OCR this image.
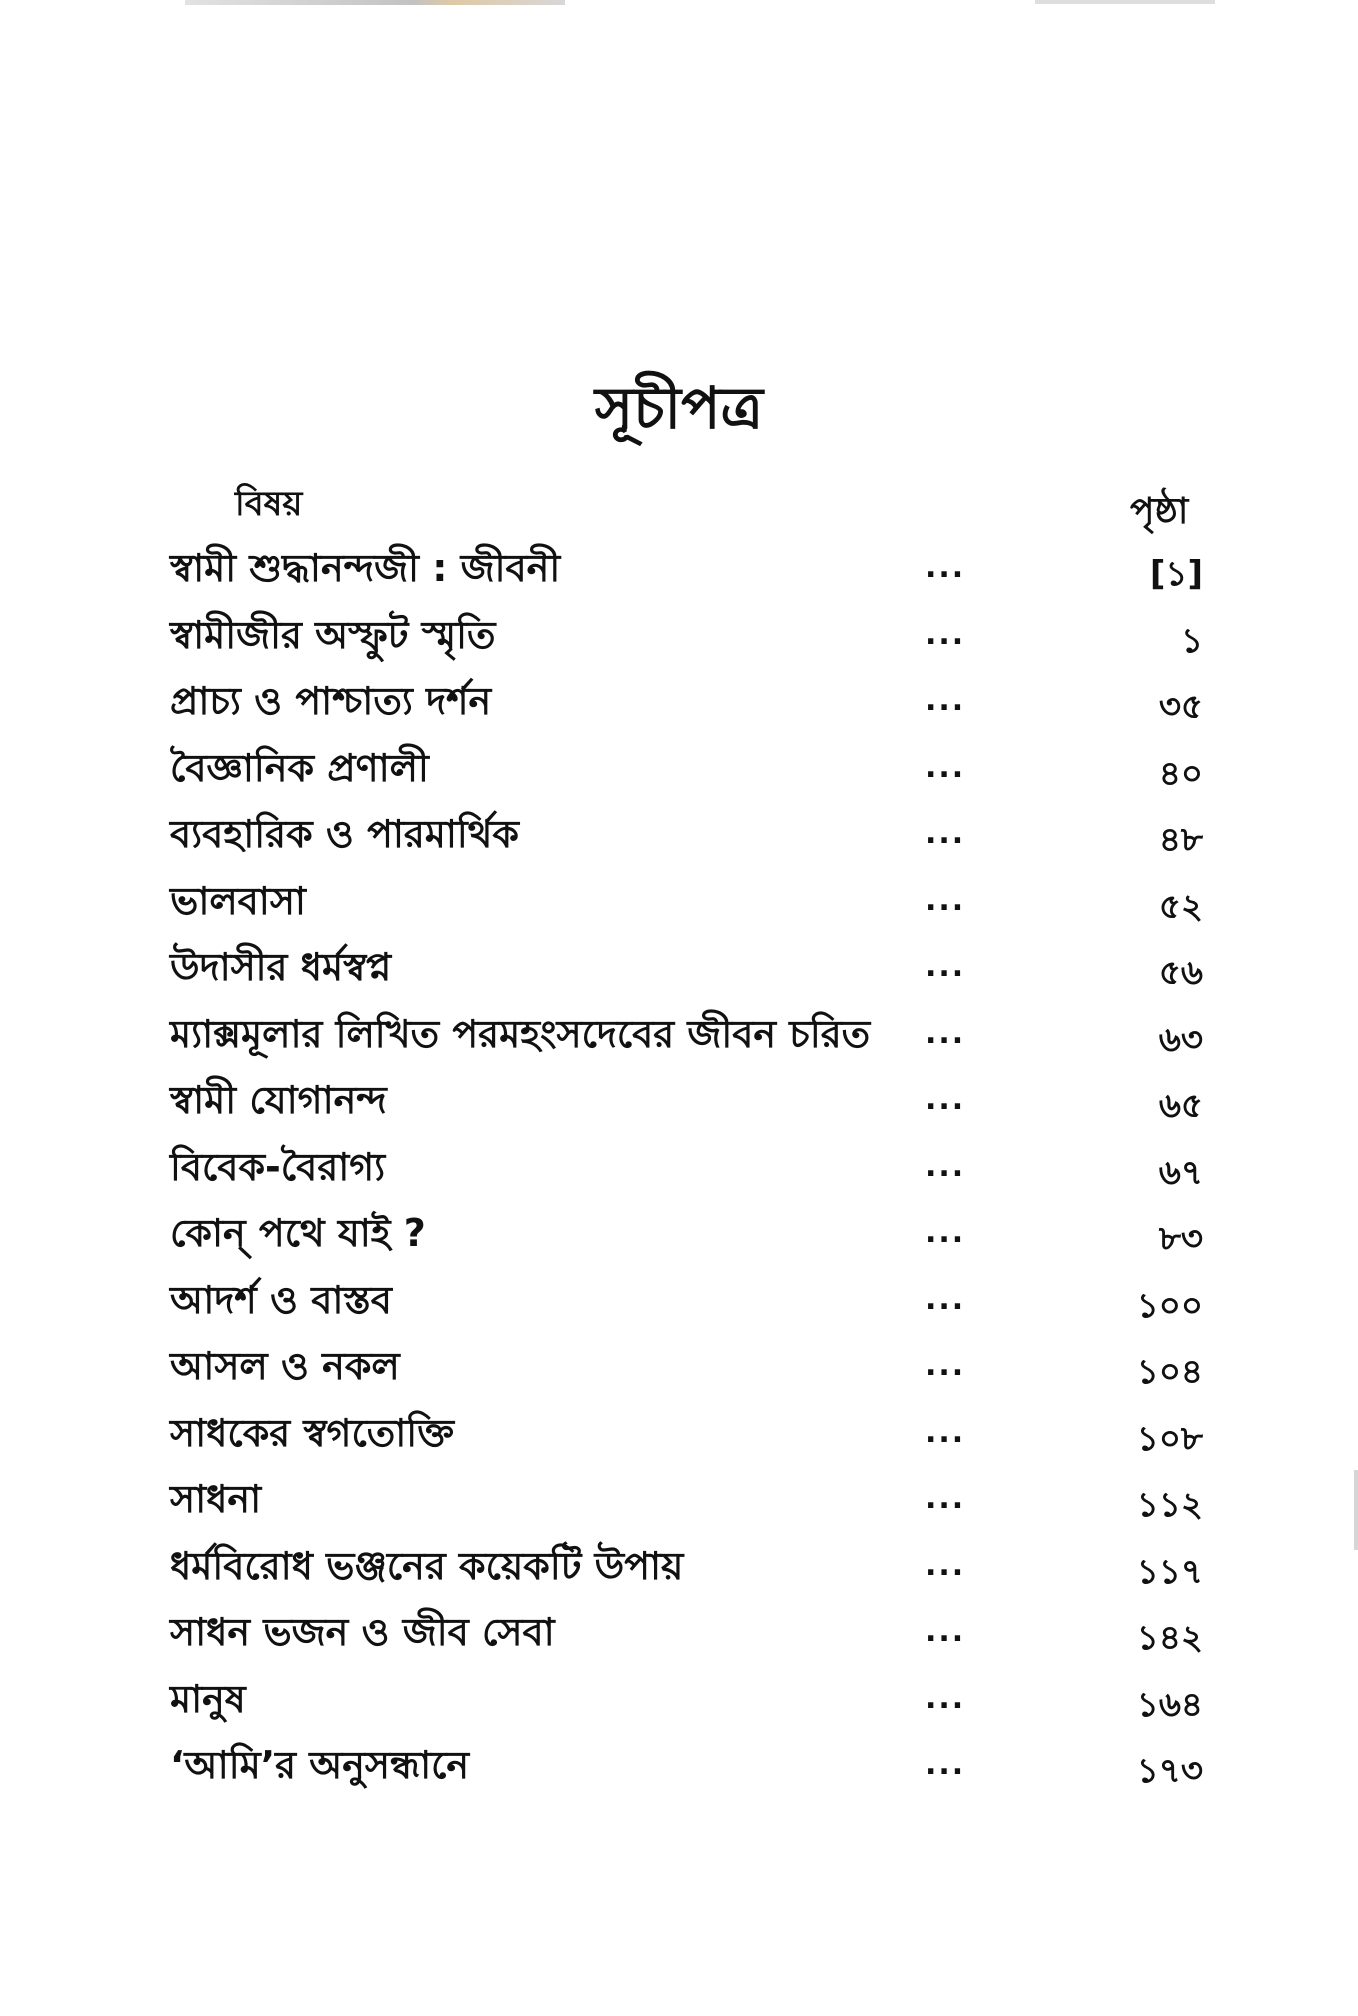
সূচীপত্র
বিষয়	পৃষ্ঠা
স্বামী শুদ্ধানন্দজী : জীবনী	...	[১]
স্বামীজীর অস্ফুট স্মৃতি	...	১
প্রাচ্য ও পাশ্চাত্য দর্শন	...	৩৫
বৈজ্ঞানিক প্রণালী	...	৪০
ব্যবহারিক ও পারমার্থিক	...	৪৮
ভালবাসা	...	৫২
উদাসীর ধর্মস্বপ্ন	...	৫৬
ম্যাক্সমূলার লিখিত পরমহংসদেবের জীবন চরিত ...	৬৩
স্বামী যোগানন্দ	...	৬৫
বিবেক-বৈরাগ্য	...	৬৭
কোন্ পথে যাই ?	...	৮৩
আদর্শ ও বাস্তব	...	১০০
আসল ও নকল	...	১০৪
সাধকের স্বগতোক্তি	...	১০৮
সাধনা	...	১১২
ধর্মবিরোধ ভঞ্জনের কয়েকটি উপায়	...	১১৭
সাধন ভজন ও জীব সেবা	...	১৪২
মানুষ	...	১৬৪
‘আমি’র অনুসন্ধানে	...	১৭৩
